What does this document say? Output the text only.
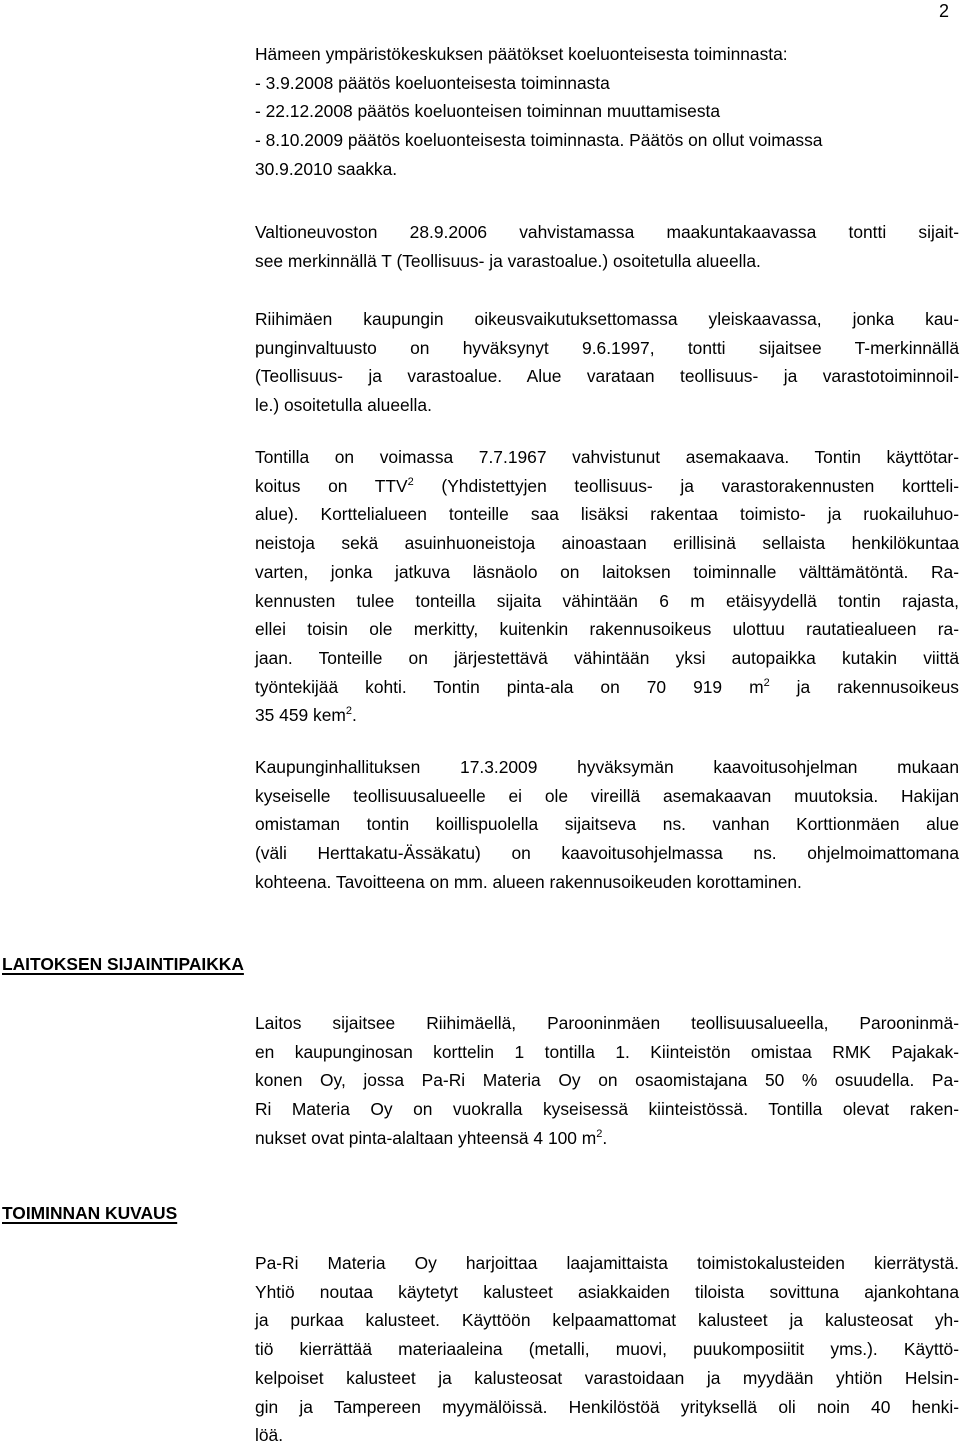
2
Hämeen ympäristökeskuksen päätökset koeluonteisesta toiminnasta:
- 3.9.2008 päätös koeluonteisesta toiminnasta
- 22.12.2008 päätös koeluonteisen toiminnan muuttamisesta
- 8.10.2009 päätös koeluonteisesta toiminnasta. Päätös on ollut voimassa
30.9.2010 saakka.
Valtioneuvoston 28.9.2006 vahvistamassa maakuntakaavassa tontti sijait-
see merkinnällä T (Teollisuus- ja varastoalue.) osoitetulla alueella.
Riihimäen kaupungin oikeusvaikutuksettomassa yleiskaavassa, jonka kau-
punginvaltuusto on hyväksynyt 9.6.1997, tontti sijaitsee T-merkinnällä
(Teollisuus- ja varastoalue. Alue varataan teollisuus- ja varastotoiminnoil-
le.) osoitetulla alueella.
Tontilla on voimassa 7.7.1967 vahvistunut asemakaava. Tontin käyttötar-
koitus on TTV$^2$ (Yhdistettyjen teollisuus- ja varastorakennusten kortteli-
alue). Korttelialueen tonteille saa lisäksi rakentaa toimisto- ja ruokailuhuo-
neistoja sekä asuinhuoneistoja ainoastaan erillisinä sellaista henkilökuntaa
varten, jonka jatkuva läsnäolo on laitoksen toiminnalle välttämätöntä. Ra-
kennusten tulee tonteilla sijaita vähintään 6 m etäisyydellä tontin rajasta,
ellei toisin ole merkitty, kuitenkin rakennusoikeus ulottuu rautatiealueen ra-
jaan. Tonteille on järjestettävä vähintään yksi autopaikka kutakin viittä
työntekijää kohti. Tontin pinta-ala on 70 919 $m^2$ ja rakennusoikeus
35 459 kem$^2$.
Kaupunginhallituksen 17.3.2009 hyväksymän kaavoitusohjelman mukaan
kyseiselle teollisuusalueelle ei ole vireillä asemakaavan muutoksia. Hakijan
omistaman tontin koillispuolella sijaitseva ns. vanhan Korttionmäen alue
(väli Herttakatu-Ässäkatu) on kaavoitusohjelmassa ns. ohjelmoimattomana
kohteena. Tavoitteena on mm. alueen rakennusoikeuden korottaminen.
LAITOKSEN SIJAINTIPAIKKA
Laitos sijaitsee Riihimäellä, Parooninmäen teollisuusalueella, Parooninmä-
en kaupunginosan korttelin 1 tontilla 1. Kiinteistön omistaa RMK Pajakak-
konen Oy, jossa Pa-Ri Materia Oy on osaomistajana 50 % osuudella. Pa-
Ri Materia Oy on vuokralla kyseisessä kiinteistössä. Tontilla olevat raken-
nukset ovat pinta-alaltaan yhteensä 4 100 $m^2$.
TOIMINNAN KUVAUS
Pa-Ri Materia Oy harjoittaa laajamittaista toimistokalusteiden kierrätystä.
Yhtiö noutaa käytetyt kalusteet asiakkaiden tiloista sovittuna ajankohtana
ja purkaa kalusteet. Käyttöön kelpaamattomat kalusteet ja kalusteosat yh-
tiö kierrättää materiaaleina (metalli, muovi, puukomposiitit yms.). Käyttö-
kelpoiset kalusteet ja kalusteosat varastoidaan ja myydään yhtiön Helsin-
gin ja Tampereen myymälöissä. Henkilöstöä yrityksellä oli noin 40 henki-
löä.
